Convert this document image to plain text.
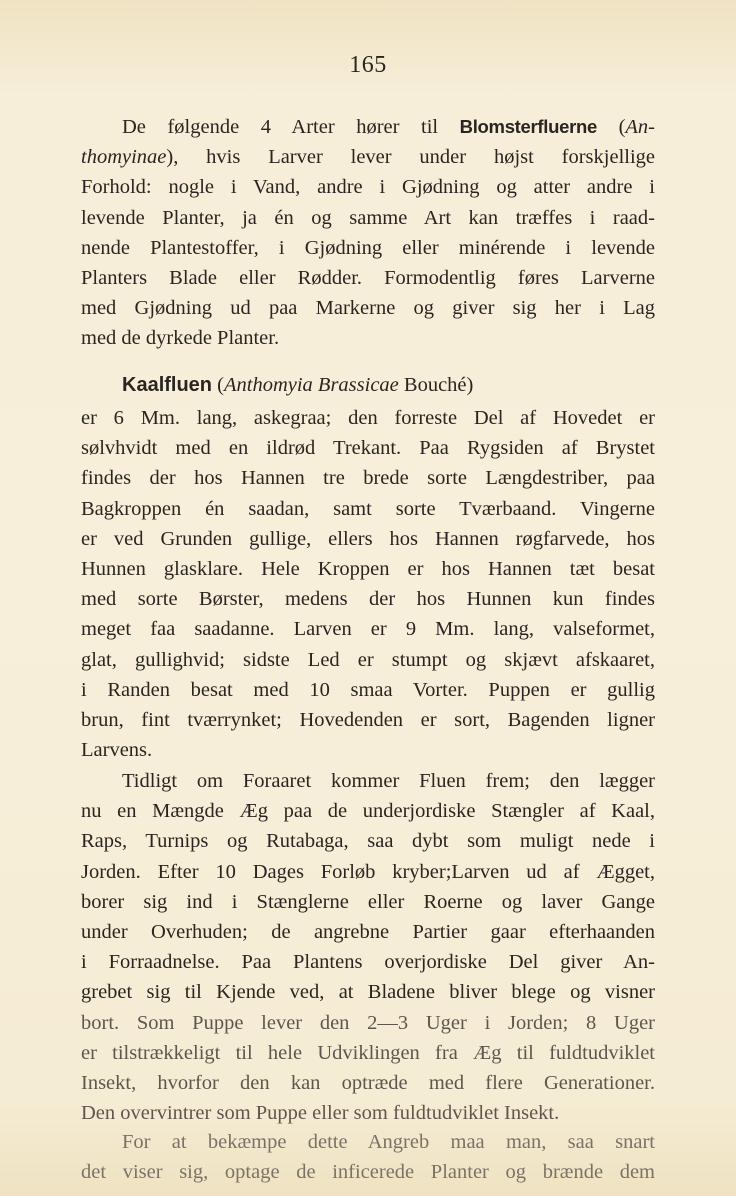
165
De følgende 4 Arter hører til Blomsterfluerne (An-
thomyinae), hvis Larver lever under højst forskjellige
Forhold: nogle i Vand, andre i Gjødning og atter andre i
levende Planter, ja én og samme Art kan træffes i raad-
nende Plantestoffer, i Gjødning eller minérende i levende
Planters Blade eller Rødder. Formodentlig føres Larverne
med Gjødning ud paa Markerne og giver sig her i Lag
med de dyrkede Planter.
Kaalfluen (Anthomyia Brassicae Bouché)
er 6 Mm. lang, askegraa; den forreste Del af Hovedet er
sølvhvidt med en ildrød Trekant. Paa Rygsiden af Brystet
findes der hos Hannen tre brede sorte Længdestriber, paa
Bagkroppen én saadan, samt sorte Tværbaand. Vingerne
er ved Grunden gullige, ellers hos Hannen røgfarvede, hos
Hunnen glasklare. Hele Kroppen er hos Hannen tæt besat
med sorte Børster, medens der hos Hunnen kun findes
meget faa saadanne. Larven er 9 Mm. lang, valseformet,
glat, gullighvid; sidste Led er stumpt og skjævt afskaaret,
i Randen besat med 10 smaa Vorter. Puppen er gullig
brun, fint tværrynket; Hovedenden er sort, Bagenden ligner
Larvens.
Tidligt om Foraaret kommer Fluen frem; den lægger
nu en Mængde Æg paa de underjordiske Stængler af Kaal,
Raps, Turnips og Rutabaga, saa dybt som muligt nede i
Jorden. Efter 10 Dages Forløb kryber;Larven ud af Ægget,
borer sig ind i Stænglerne eller Roerne og laver Gange
under Overhuden; de angrebne Partier gaar efterhaanden
i Forraadnelse. Paa Plantens overjordiske Del giver An-
grebet sig til Kjende ved, at Bladene bliver blege og visner
bort. Som Puppe lever den 2—3 Uger i Jorden; 8 Uger
er tilstrækkeligt til hele Udviklingen fra Æg til fuldtudviklet
Insekt, hvorfor den kan optræde med flere Generationer.
Den overvintrer som Puppe eller som fuldtudviklet Insekt.
For at bekæmpe dette Angreb maa man, saa snart
det viser sig, optage de inficerede Planter og brænde dem
